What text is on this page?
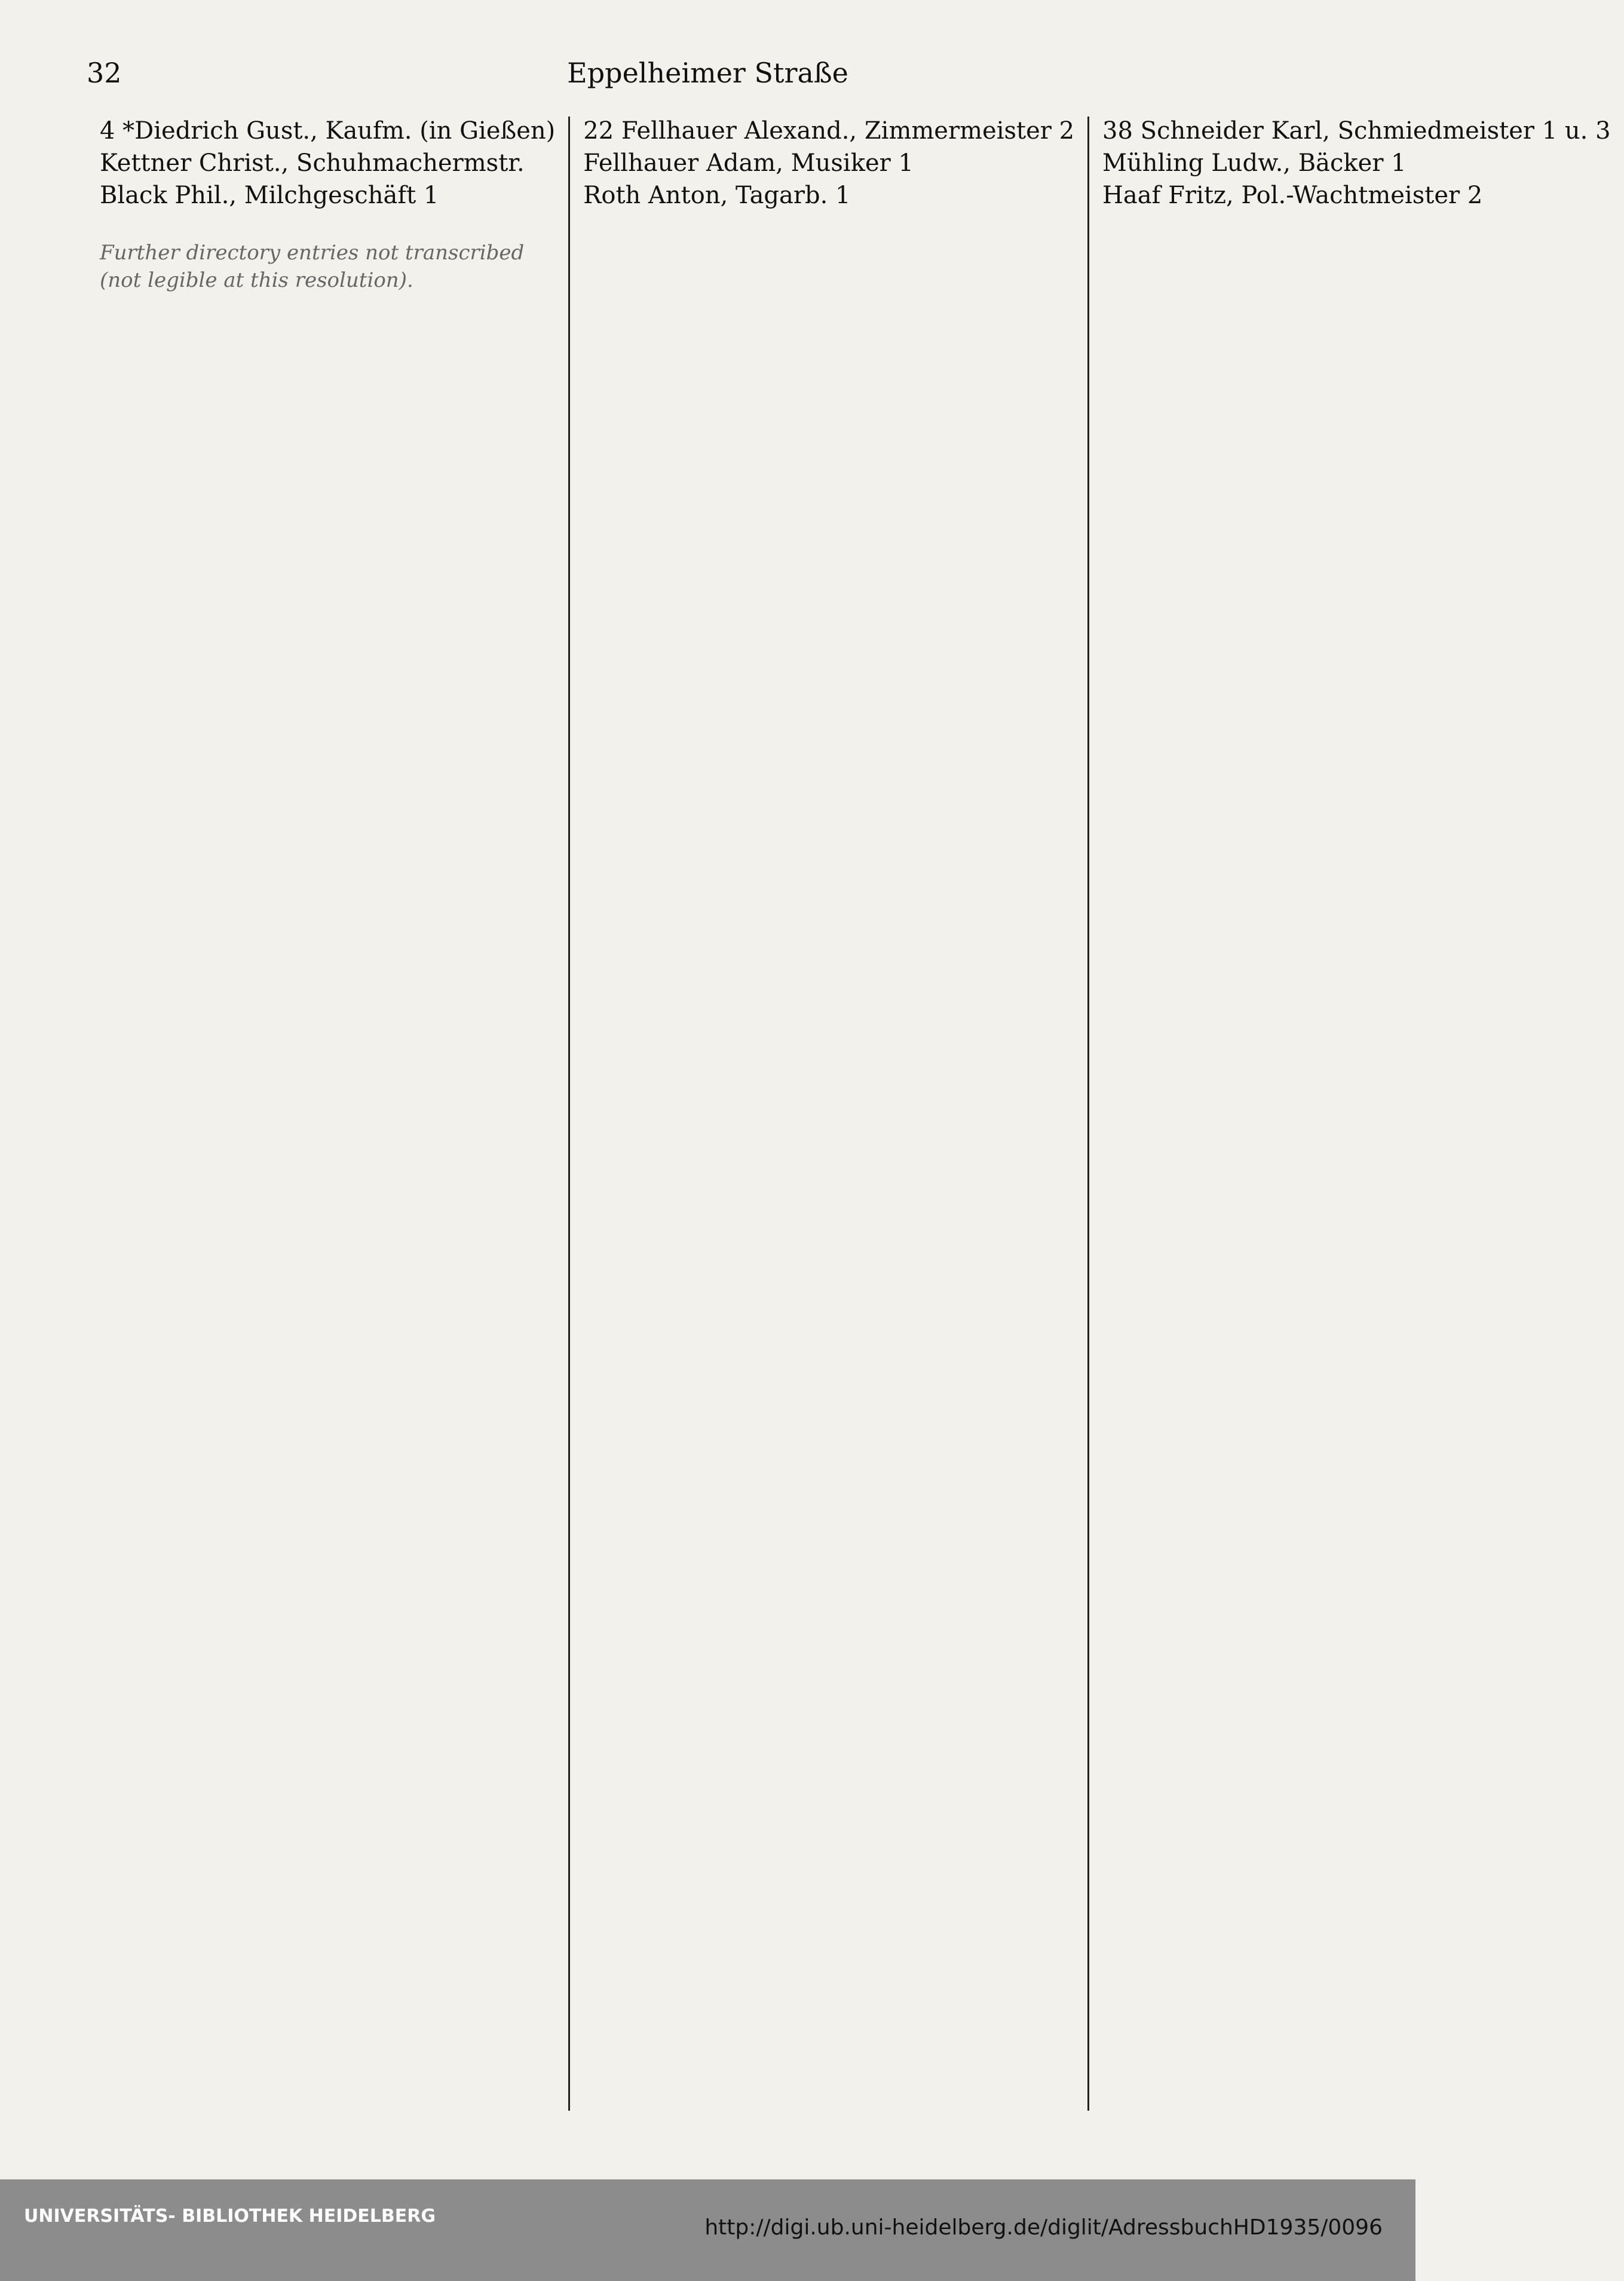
32	Eppelheimer Straße
4 *Diedrich Gust., Kaufm. (in Gießen)
Kettner Christ., Schuhmachermstr.
Black Phil., Milchgeschäft 1
Further directory entries not transcribed (not legible at this resolution).
22 Fellhauer Alexand., Zimmermeister 2
Fellhauer Adam, Musiker 1
Roth Anton, Tagarb. 1
38 Schneider Karl, Schmiedmeister 1 u. 3
Mühling Ludw., Bäcker 1
Haaf Fritz, Pol.-Wachtmeister 2
UNIVERSITÄTS- BIBLIOTHEK HEIDELBERG	http://digi.ub.uni-heidelberg.de/diglit/AdressbuchHD1935/0096
